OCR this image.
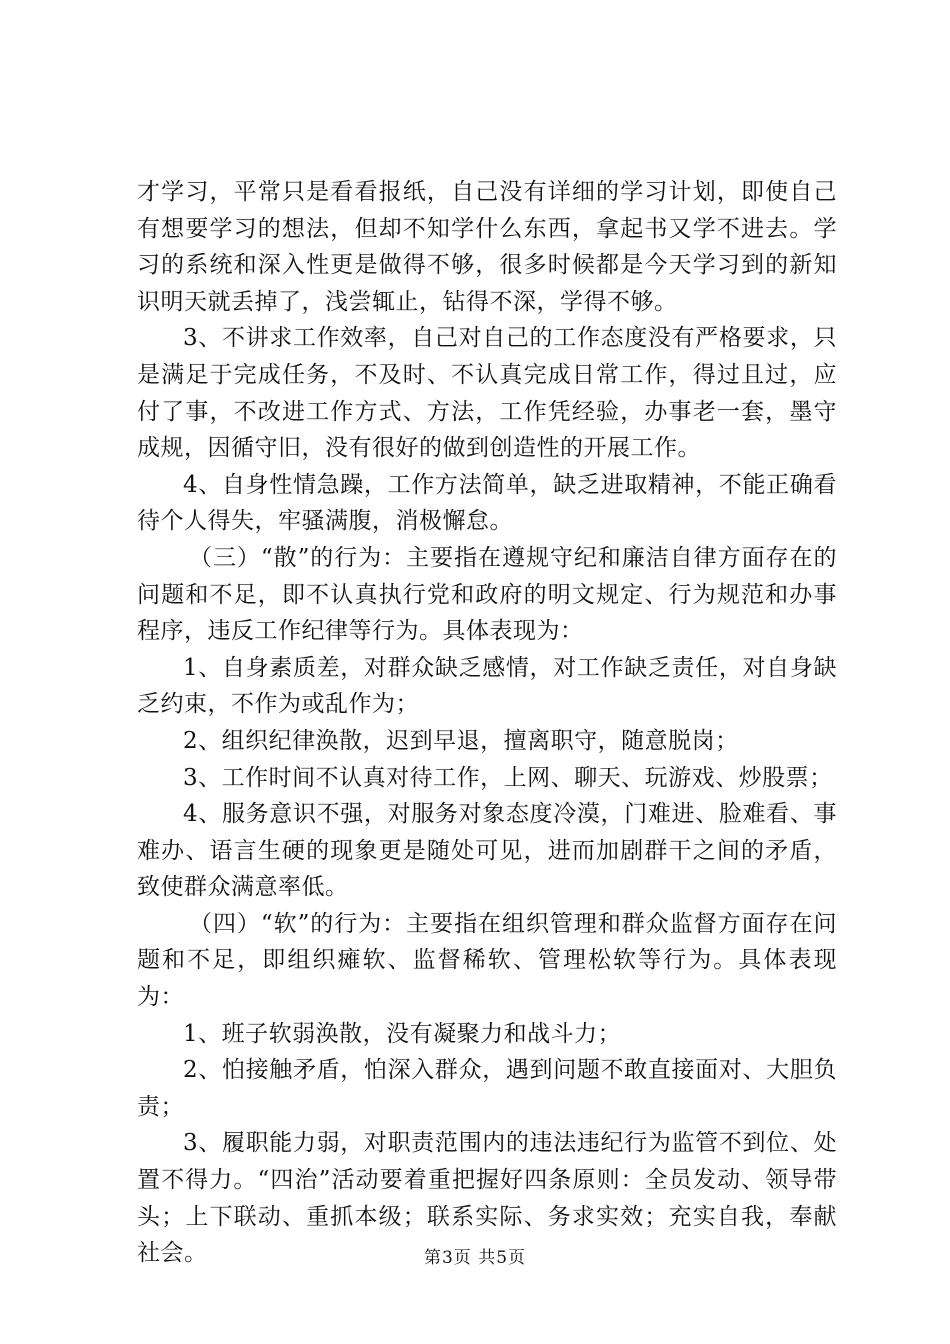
才学习，平常只是看看报纸，自己没有详细的学习计划，即使自己有想要学习的想法，但却不知学什么东西，拿起书又学不进去。学习的系统和深入性更是做得不够，很多时候都是今天学习到的新知识明天就丢掉了，浅尝辄止，钻得不深，学得不够。

3、不讲求工作效率，自己对自己的工作态度没有严格要求，只是满足于完成任务，不及时、不认真完成日常工作，得过且过，应付了事，不改进工作方式、方法，工作凭经验，办事老一套，墨守成规，因循守旧，没有很好的做到创造性的开展工作。

4、自身性情急躁，工作方法简单，缺乏进取精神，不能正确看待个人得失，牢骚满腹，消极懈怠。

（三）“散”的行为：主要指在遵规守纪和廉洁自律方面存在的问题和不足，即不认真执行党和政府的明文规定、行为规范和办事程序，违反工作纪律等行为。具体表现为：

1、自身素质差，对群众缺乏感情，对工作缺乏责任，对自身缺乏约束，不作为或乱作为；

2、组织纪律涣散，迟到早退，擅离职守，随意脱岗；

3、工作时间不认真对待工作，上网、聊天、玩游戏、炒股票；

4、服务意识不强，对服务对象态度冷漠，门难进、脸难看、事难办、语言生硬的现象更是随处可见，进而加剧群干之间的矛盾，致使群众满意率低。

（四）“软”的行为：主要指在组织管理和群众监督方面存在问题和不足，即组织瘫软、监督稀软、管理松软等行为。具体表现为：

1、班子软弱涣散，没有凝聚力和战斗力；

2、怕接触矛盾，怕深入群众，遇到问题不敢直接面对、大胆负责；

3、履职能力弱，对职责范围内的违法违纪行为监管不到位、处置不得力。“四治”活动要着重把握好四条原则：全员发动、领导带头；上下联动、重抓本级；联系实际、务求实效；充实自我，奉献社会。	第3页 共5页
